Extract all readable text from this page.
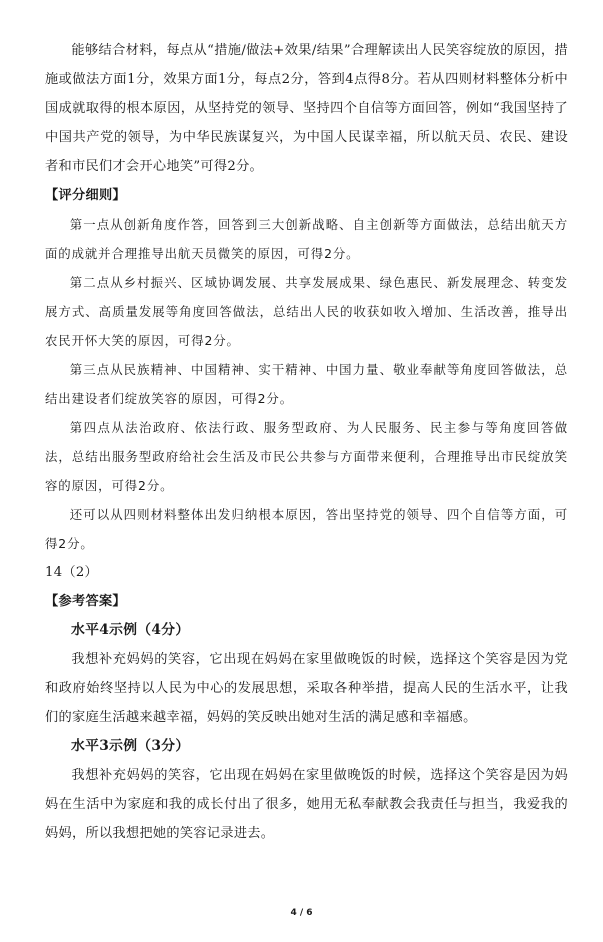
能够结合材料，每点从“措施/做法+效果/结果”合理解读出人民笑容绽放的原因，措施或做法方面1分，效果方面1分，每点2分，答到4点得8分。若从四则材料整体分析中国成就取得的根本原因，从坚持党的领导、坚持四个自信等方面回答，例如“我国坚持了中国共产党的领导，为中华民族谋复兴，为中国人民谋幸福，所以航天员、农民、建设者和市民们才会开心地笑”可得2分。

【评分细则】

第一点从创新角度作答，回答到三大创新战略、自主创新等方面做法，总结出航天方面的成就并合理推导出航天员微笑的原因，可得2分。

第二点从乡村振兴、区域协调发展、共享发展成果、绿色惠民、新发展理念、转变发展方式、高质量发展等角度回答做法，总结出人民的收获如收入增加、生活改善，推导出农民开怀大笑的原因，可得2分。

第三点从民族精神、中国精神、实干精神、中国力量、敬业奉献等角度回答做法，总结出建设者们绽放笑容的原因，可得2分。

第四点从法治政府、依法行政、服务型政府、为人民服务、民主参与等角度回答做法，总结出服务型政府给社会生活及市民公共参与方面带来便利，合理推导出市民绽放笑容的原因，可得2分。

还可以从四则材料整体出发归纳根本原因，答出坚持党的领导、四个自信等方面，可得2分。

14（2）

【参考答案】

水平4示例（4分）

我想补充妈妈的笑容，它出现在妈妈在家里做晚饭的时候，选择这个笑容是因为党和政府始终坚持以人民为中心的发展思想，采取各种举措，提高人民的生活水平，让我们的家庭生活越来越幸福，妈妈的笑反映出她对生活的满足感和幸福感。

水平3示例（3分）

我想补充妈妈的笑容，它出现在妈妈在家里做晚饭的时候，选择这个笑容是因为妈妈在生活中为家庭和我的成长付出了很多，她用无私奉献教会我责任与担当，我爱我的妈妈，所以我想把她的笑容记录进去。

4 / 6
